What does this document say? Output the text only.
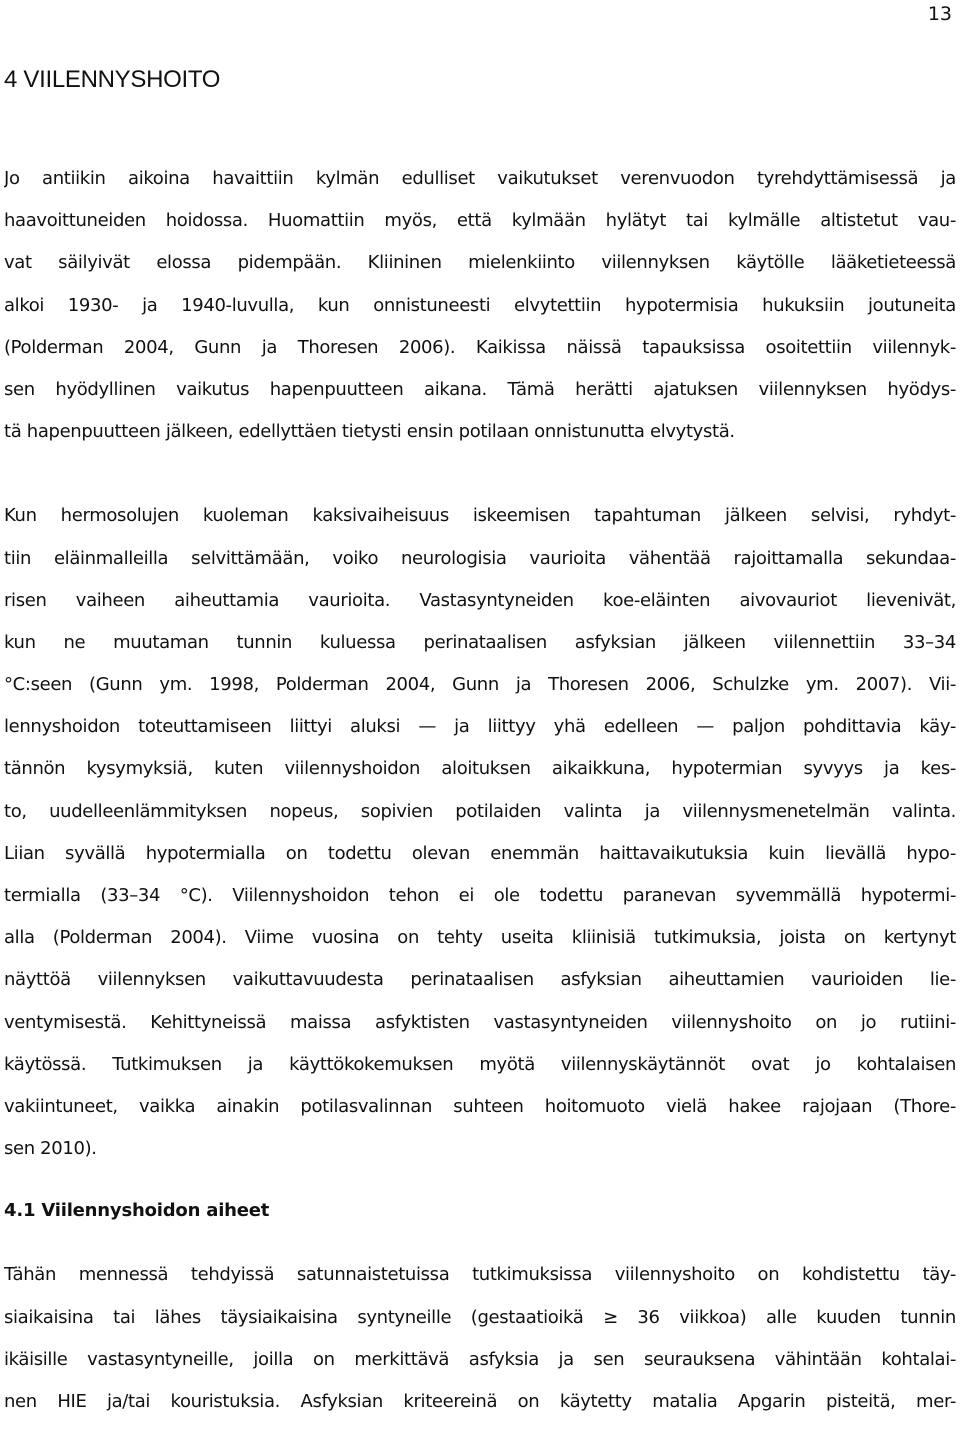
13
4 VIILENNYSHOITO
Jo antiikin aikoina havaittiin kylmän edulliset vaikutukset verenvuodon tyrehdyttämisessä ja
haavoittuneiden hoidossa. Huomattiin myös, että kylmään hylätyt tai kylmälle altistetut vau-
vat säilyivät elossa pidempään. Kliininen mielenkiinto viilennyksen käytölle lääketieteessä
alkoi 1930- ja 1940-luvulla, kun onnistuneesti elvytettiin hypotermisia hukuksiin joutuneita
(Polderman 2004, Gunn ja Thoresen 2006). Kaikissa näissä tapauksissa osoitettiin viilennyk-
sen hyödyllinen vaikutus hapenpuutteen aikana. Tämä herätti ajatuksen viilennyksen hyödys-
tä hapenpuutteen jälkeen, edellyttäen tietysti ensin potilaan onnistunutta elvytystä.
Kun hermosolujen kuoleman kaksivaiheisuus iskeemisen tapahtuman jälkeen selvisi, ryhdyt-
tiin eläinmalleilla selvittämään, voiko neurologisia vaurioita vähentää rajoittamalla sekundaa-
risen vaiheen aiheuttamia vaurioita. Vastasyntyneiden koe-eläinten aivovauriot lievenivät,
kun ne muutaman tunnin kuluessa perinataalisen asfyksian jälkeen viilennettiin 33–34
°C:seen (Gunn ym. 1998, Polderman 2004, Gunn ja Thoresen 2006, Schulzke ym. 2007). Vii-
lennyshoidon toteuttamiseen liittyi aluksi — ja liittyy yhä edelleen — paljon pohdittavia käy-
tännön kysymyksiä, kuten viilennyshoidon aloituksen aikaikkuna, hypotermian syvyys ja kes-
to, uudelleenlämmityksen nopeus, sopivien potilaiden valinta ja viilennysmenetelmän valinta.
Liian syvällä hypotermialla on todettu olevan enemmän haittavaikutuksia kuin lievällä hypo-
termialla (33–34 °C). Viilennyshoidon tehon ei ole todettu paranevan syvemmällä hypotermi-
alla (Polderman 2004). Viime vuosina on tehty useita kliinisiä tutkimuksia, joista on kertynyt
näyttöä viilennyksen vaikuttavuudesta perinataalisen asfyksian aiheuttamien vaurioiden lie-
ventymisestä. Kehittyneissä maissa asfyktisten vastasyntyneiden viilennyshoito on jo rutiini-
käytössä. Tutkimuksen ja käyttökokemuksen myötä viilennyskäytännöt ovat jo kohtalaisen
vakiintuneet, vaikka ainakin potilasvalinnan suhteen hoitomuoto vielä hakee rajojaan (Thore-
sen 2010).
4.1 Viilennyshoidon aiheet
Tähän mennessä tehdyissä satunnaistetuissa tutkimuksissa viilennyshoito on kohdistettu täy-
siaikaisina tai lähes täysiaikaisina syntyneille (gestaatioikä ≥ 36 viikkoa) alle kuuden tunnin
ikäisille vastasyntyneille, joilla on merkittävä asfyksia ja sen seurauksena vähintään kohtalai-
nen HIE ja/tai kouristuksia. Asfyksian kriteereinä on käytetty matalia Apgarin pisteitä, mer-
